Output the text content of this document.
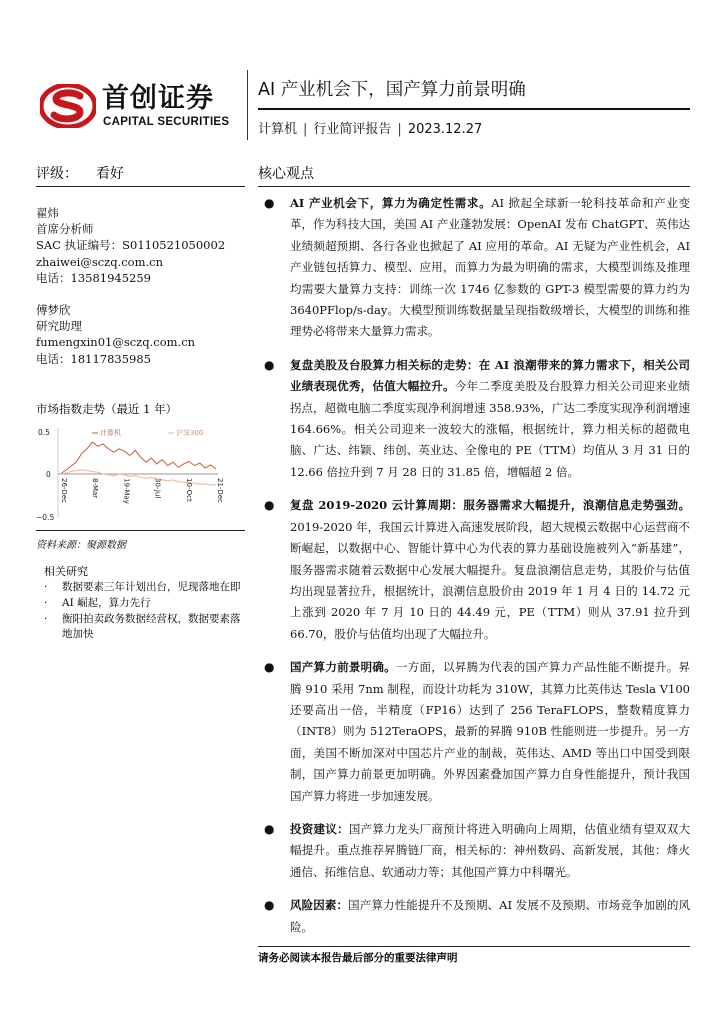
首创证券
CAPITAL SECURITIES
AI 产业机会下，国产算力前景明确
计算机 | 行业简评报告 | 2023.12.27
评级： 看好	核心观点
翟炜
首席分析师
SAC 执证编号：S0110521050002
zhaiwei@sczq.com.cn
电话：13581945259
傅梦欣
研究助理
fumengxin01@sczq.com.cn
电话：18117835985
市场指数走势（最近 1 年）
0.5
0
−0.5
计算机	沪深300
26-Dec	8-Mar	19-May	30-Jul	10-Oct	21-Dec
资料来源：聚源数据
相关研究
· 数据要素三年计划出台，児现落地在即
· AI 崛起，算力先行
· 衡阳拍卖政务数据经营权，数据要素落地加快
● AI 产业机会下，算力为确定性需求。AI 掀起全球新一轮科技革命和产业变革，作为科技大国，美国 AI 产业蓬勃发展：OpenAI 发布 ChatGPT、英伟达业绩频超预期、各行各业也掀起了 AI 应用的革命。AI 无疑为产业性机会，AI 产业链包括算力、模型、应用，而算力为最为明确的需求，大模型训练及推理均需要大量算力支持：训练一次 1746 亿参数的 GPT-3 模型需要的算力约为 3640PFlop/s-day。大模型预训练数据量呈现指数级增长，大模型的训练和推理势必将带来大量算力需求。
● 复盘美股及台股算力相关标的走势：在 AI 浪潮带来的算力需求下，相关公司业绩表现优秀，估值大幅拉升。今年二季度美股及台股算力相关公司迎来业绩拐点，超微电脑二季度实现净利润增速 358.93%，广达二季度实现净利润增速 164.66%。相关公司迎来一波较大的涨幅，根据统计，算力相关标的超微电脑、广达、纬颖、纬创、英业达、全像电的 PE（TTM）均值从 3 月 31 日的 12.66 倍拉升到 7 月 28 日的 31.85 倍，增幅超 2 倍。
● 复盘 2019-2020 云计算周期：服务器需求大幅提升，浪潮信息走势强劲。2019-2020 年，我国云计算进入高速发展阶段，超大规模云数据中心运营商不断崛起，以数据中心、智能计算中心为代表的算力基础设施被列入“新基建”，服务器需求随着云数据中心发展大幅提升。复盘浪潮信息走势，其股价与估值均出现显著拉升，根据统计，浪潮信息股价由 2019 年 1 月 4 日的 14.72 元上涨到 2020 年 7 月 10 日的 44.49 元，PE（TTM）则从 37.91 拉升到 66.70，股价与估值均出现了大幅拉升。
● 国产算力前景明确。一方面，以昇腾为代表的国产算力产品性能不断提升。昇腾 910 采用 7nm 制程，而设计功耗为 310W，其算力比英伟达 Tesla V100 还要高出一倍，半精度（FP16）达到了 256 TeraFLOPS，整数精度算力（INT8）则为 512TeraOPS，最新的昇腾 910B 性能则进一步提升。另一方面，美国不断加深对中国芯片产业的制裁，英伟达、AMD 等出口中国受到限制，国产算力前景更加明确。外界因素叠加国产算力自身性能提升，预计我国国产算力将进一步加速发展。
● 投资建议：国产算力龙头厂商预计将进入明确向上周期，估值业绩有望双双大幅提升。重点推荐昇腾链厂商，相关标的：神州数码、高新发展，其他：烽火通信、拓维信息、软通动力等；其他国产算力中科曙光。
● 风险因素：国产算力性能提升不及预期、AI 发展不及预期、市场竞争加剧的风险。
请务必阅读本报告最后部分的重要法律声明
